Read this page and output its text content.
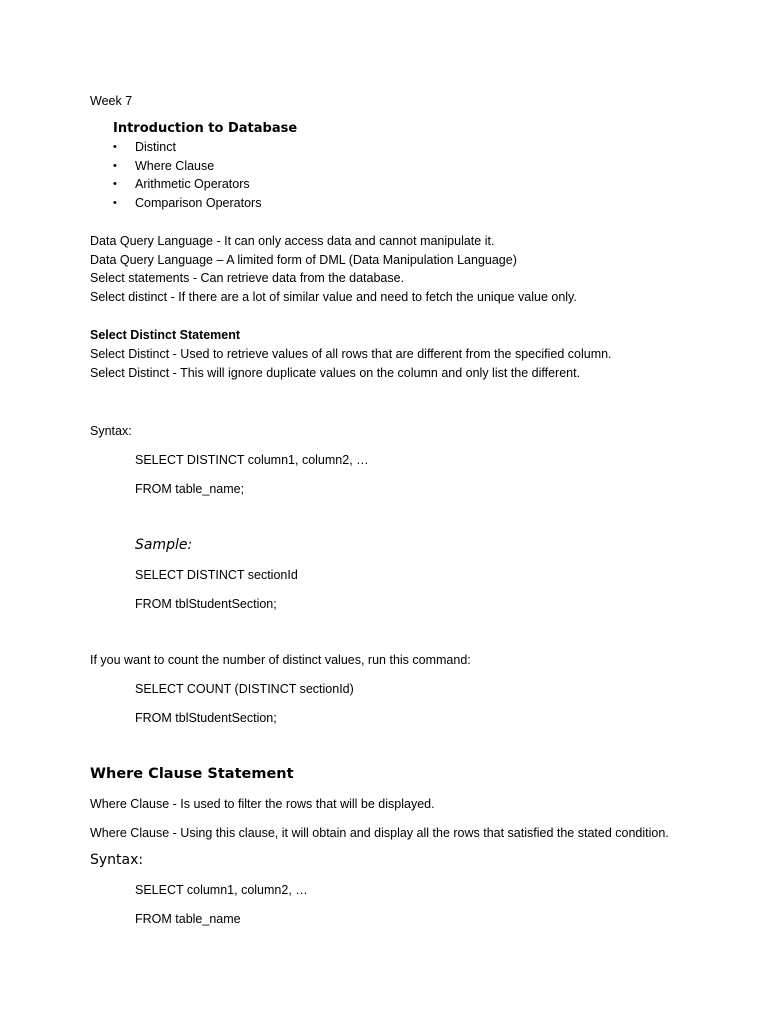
Week 7
Introduction to Database
• Distinct
• Where Clause
• Arithmetic Operators
• Comparison Operators
Data Query Language - It can only access data and cannot manipulate it.
Data Query Language – A limited form of DML (Data Manipulation Language)
Select statements - Can retrieve data from the database.
Select distinct - If there are a lot of similar value and need to fetch the unique value only.
Select Distinct Statement
Select Distinct - Used to retrieve values of all rows that are different from the specified column.
Select Distinct - This will ignore duplicate values on the column and only list the different.
Syntax:
SELECT DISTINCT column1, column2, …
FROM table_name;
Sample:
SELECT DISTINCT sectionId
FROM tblStudentSection;
If you want to count the number of distinct values, run this command:
SELECT COUNT (DISTINCT sectionId)
FROM tblStudentSection;
Where Clause Statement
Where Clause - Is used to filter the rows that will be displayed.
Where Clause - Using this clause, it will obtain and display all the rows that satisfied the stated condition.
Syntax:
SELECT column1, column2, …
FROM table_name
